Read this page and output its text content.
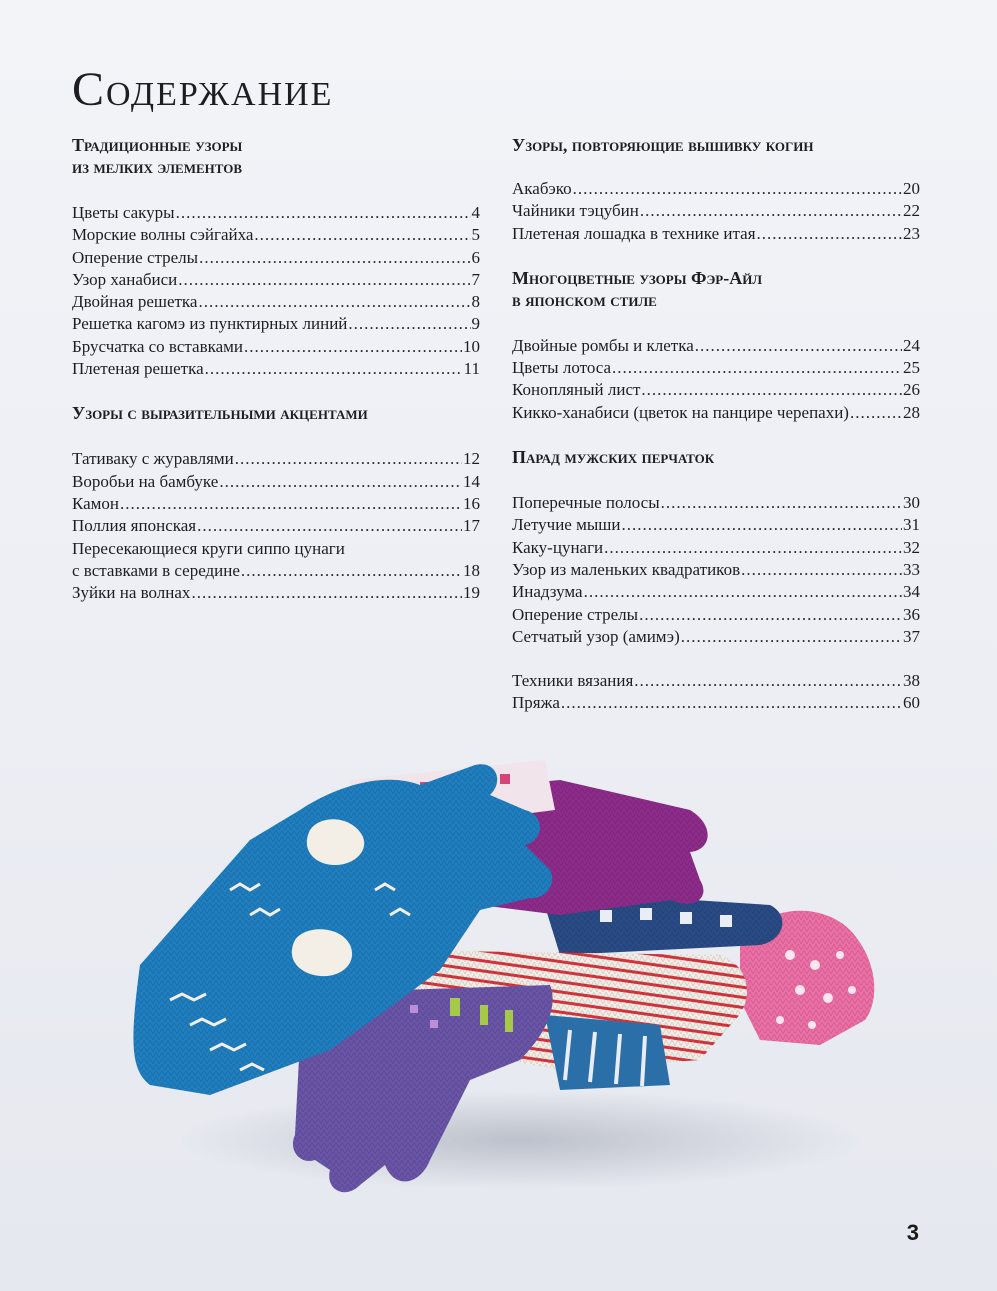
Содержание
Традиционные узоры
из мелких элементов
Цветы сакуры .....	4
Морские волны сэйгайха .....	5
Оперение стрелы .....	6
Узор ханабиси .....	7
Двойная решетка .....	8
Решетка кагомэ из пунктирных линий .....	9
Брусчатка со вставками .....	10
Плетеная решетка .....	11
Узоры с выразительными акцентами
Тативаку с журавлями .....	12
Воробьи на бамбуке .....	14
Камон .....	16
Поллия японская .....	17
Пересекающиеся круги сиппо цунаги
с вставками в середине .....	18
Зуйки на волнах .....	19
Узоры, повторяющие вышивку когин
Акабэко .....	20
Чайники тэцубин .....	22
Плетеная лошадка в технике итая .....	23
Многоцветные узоры Фэр-Айл
в японском стиле
Двойные ромбы и клетка .....	24
Цветы лотоса .....	25
Конопляный лист .....	26
Кикко-ханабиси (цветок на панцире черепахи) .....	28
Парад мужских перчаток
Поперечные полосы .....	30
Летучие мыши .....	31
Каку-цунаги .....	32
Узор из маленьких квадратиков .....	33
Инадзума .....	34
Оперение стрелы .....	36
Сетчатый узор (амимэ) .....	37
Техники вязания .....	38
Пряжа .....	60
3
